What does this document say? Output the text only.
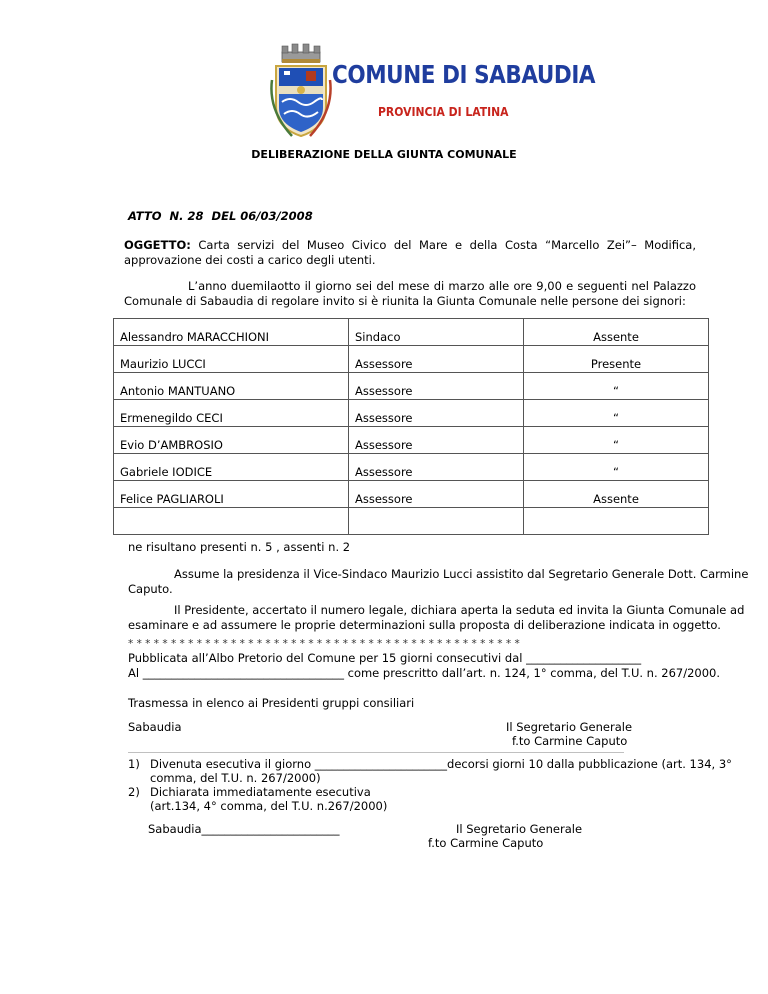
COMUNE DI SABAUDIA
PROVINCIA DI LATINA
DELIBERAZIONE DELLA GIUNTA COMUNALE
ATTO  N. 28  DEL 06/03/2008
OGGETTO: Carta servizi del Museo Civico del Mare e della Costa “Marcello Zei”– Modifica, approvazione dei costi a carico degli utenti.
L’anno duemilaotto il giorno sei del mese di marzo alle ore 9,00 e seguenti nel Palazzo Comunale di Sabaudia di regolare invito si è riunita la Giunta Comunale nelle persone dei signori:
Alessandro MARACCHIONI	Sindaco	Assente
Maurizio LUCCI	Assessore	Presente
Antonio MANTUANO	Assessore	“
Ermenegildo CECI	Assessore	“
Evio D’AMBROSIO	Assessore	“
Gabriele IODICE	Assessore	“
Felice PAGLIAROLI	Assessore	Assente

ne risultano presenti n. 5 , assenti n. 2
Assume la presidenza il Vice-Sindaco Maurizio Lucci assistito dal Segretario Generale Dott. Carmine
Caputo.
Il Presidente, accertato il numero legale, dichiara aperta la seduta ed invita la Giunta Comunale ad
esaminare e ad assumere le proprie determinazioni sulla proposta di deliberazione indicata in oggetto.
* * * * * * * * * * * * * * * * * * * * * * * * * * * * * * * * * * * * * * * * * * * * * *
Pubblicata all’Albo Pretorio del Comune per 15 giorni consecutivi dal ____________________
Al ___________________________________ come prescritto dall’art. n. 124, 1° comma, del T.U. n. 267/2000.
Trasmessa in elenco ai Presidenti gruppi consiliari
Sabaudia	Il Segretario Generale
f.to Carmine Caputo
1) Divenuta esecutiva il giorno _______________________decorsi giorni 10 dalla pubblicazione (art. 134, 3°
comma, del T.U. n. 267/2000)
2) Dichiarata immediatamente esecutiva
(art.134, 4° comma, del T.U. n.267/2000)
Sabaudia________________________	Il Segretario Generale
f.to Carmine Caputo
